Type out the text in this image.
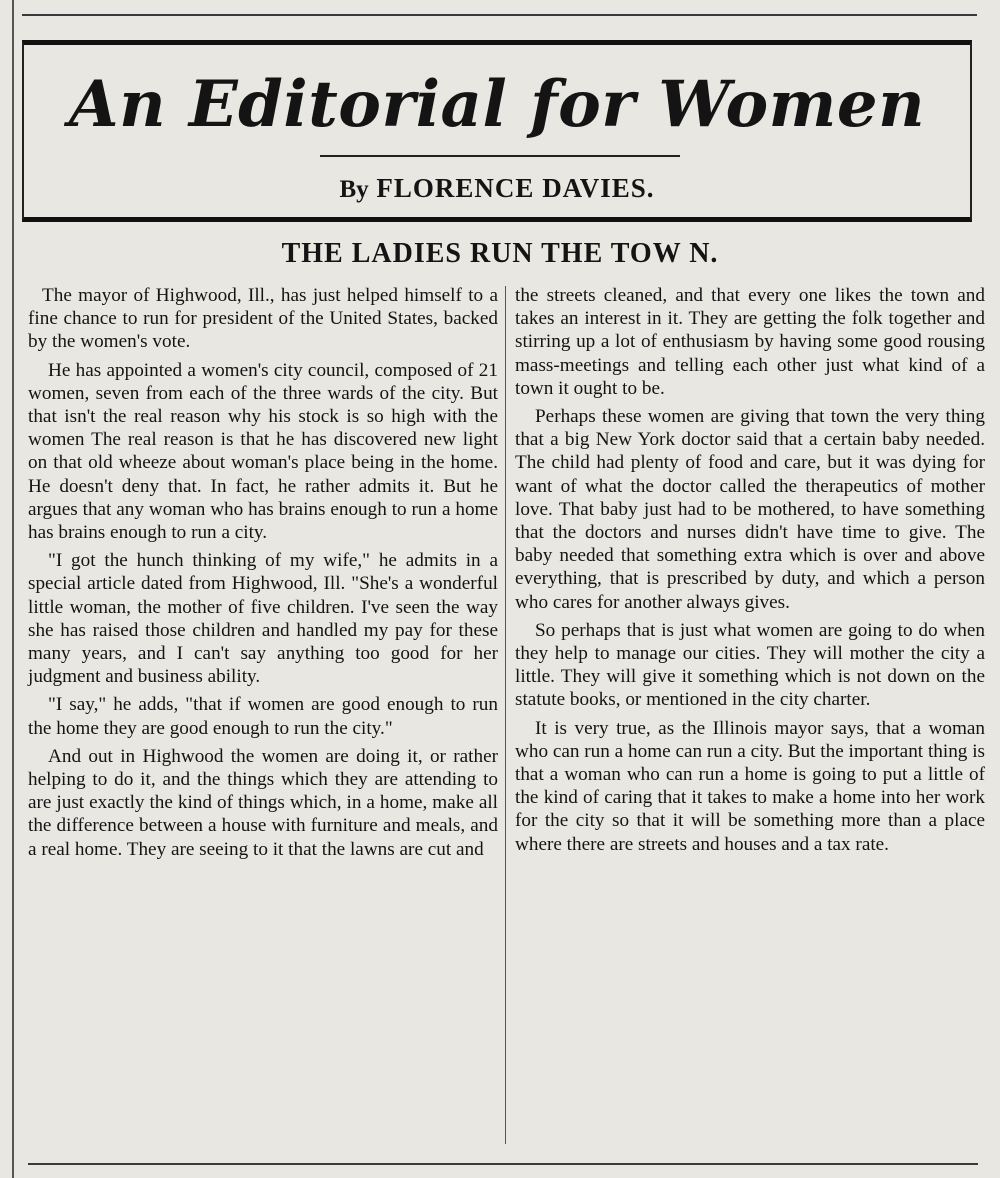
An Editorial for Women
By FLORENCE DAVIES.
THE LADIES RUN THE TOW N.

The mayor of Highwood, Ill., has just helped himself to a fine chance to run for president of the United States, backed by the women's vote.

He has appointed a women's city council, composed of 21 women, seven from each of the three wards of the city. But that isn't the real reason why his stock is so high with the women The real reason is that he has discovered new light on that old wheeze about woman's place being in the home. He doesn't deny that. In fact, he rather admits it. But he argues that any woman who has brains enough to run a home has brains enough to run a city.

"I got the hunch thinking of my wife," he admits in a special article dated from Highwood, Ill. "She's a wonderful little woman, the mother of five children. I've seen the way she has raised those children and handled my pay for these many years, and I can't say anything too good for her judgment and business ability.

"I say," he adds, "that if women are good enough to run the home they are good enough to run the city."

And out in Highwood the women are doing it, or rather helping to do it, and the things which they are attending to are just exactly the kind of things which, in a home, make all the difference between a house with furniture and meals, and a real home. They are seeing to it that the lawns are cut and

the streets cleaned, and that every one likes the town and takes an interest in it. They are getting the folk together and stirring up a lot of enthusiasm by having some good rousing mass-meetings and telling each other just what kind of a town it ought to be.

Perhaps these women are giving that town the very thing that a big New York doctor said that a certain baby needed. The child had plenty of food and care, but it was dying for want of what the doctor called the therapeutics of mother love. That baby just had to be mothered, to have something that the doctors and nurses didn't have time to give. The baby needed that something extra which is over and above everything, that is prescribed by duty, and which a person who cares for another always gives.

So perhaps that is just what women are going to do when they help to manage our cities. They will mother the city a little. They will give it something which is not down on the statute books, or mentioned in the city charter.

It is very true, as the Illinois mayor says, that a woman who can run a home can run a city. But the important thing is that a woman who can run a home is going to put a little of the kind of caring that it takes to make a home into her work for the city so that it will be something more than a place where there are streets and houses and a tax rate.
